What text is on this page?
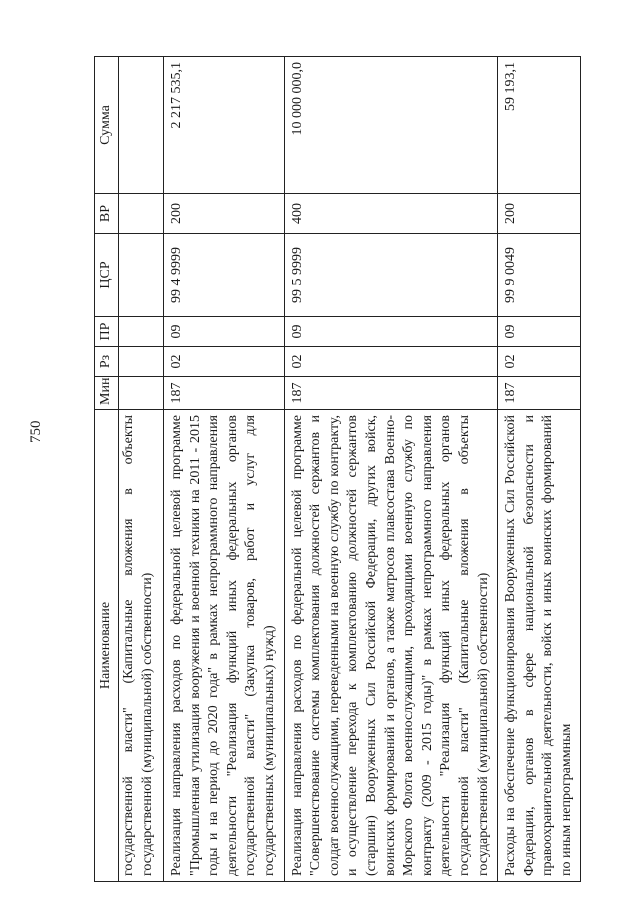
750
Наименование	Мин	Рз	ПР	ЦСР	ВР	Сумма
государственной власти" (Капитальные вложения в объекты государственной (муниципальной) собственности)						
Реализация направления расходов по федеральной целевой программе "Промышленная утилизация вооружения и военной техники на 2011 - 2015 годы и на период до 2020 года" в рамках непрограммного направления деятельности "Реализация функций иных федеральных органов государственной власти" (Закупка товаров, работ и услуг для государственных (муниципальных) нужд)	187	02	09	99 4 9999	200	2 217 535,1
Реализация направления расходов по федеральной целевой программе "Совершенствование системы комплектования должностей сержантов и солдат военнослужащими, переведенными на военную службу по контракту, и осуществление перехода к комплектованию должностей сержантов (старшин) Вооруженных Сил Российской Федерации, других войск, воинских формирований и органов, а также матросов плавсостава Военно-Морского Флота военнослужащими, проходящими военную службу по контракту (2009 - 2015 годы)" в рамках непрограммного направления деятельности "Реализация функций иных федеральных органов государственной власти" (Капитальные вложения в объекты государственной (муниципальной) собственности)	187	02	09	99 5 9999	400	10 000 000,0
Расходы на обеспечение функционирования Вооруженных Сил Российской Федерации, органов в сфере национальной безопасности и правоохранительной деятельности, войск и иных воинских формирований по иным непрограммным	187	02	09	99 9 0049	200	59 193,1
